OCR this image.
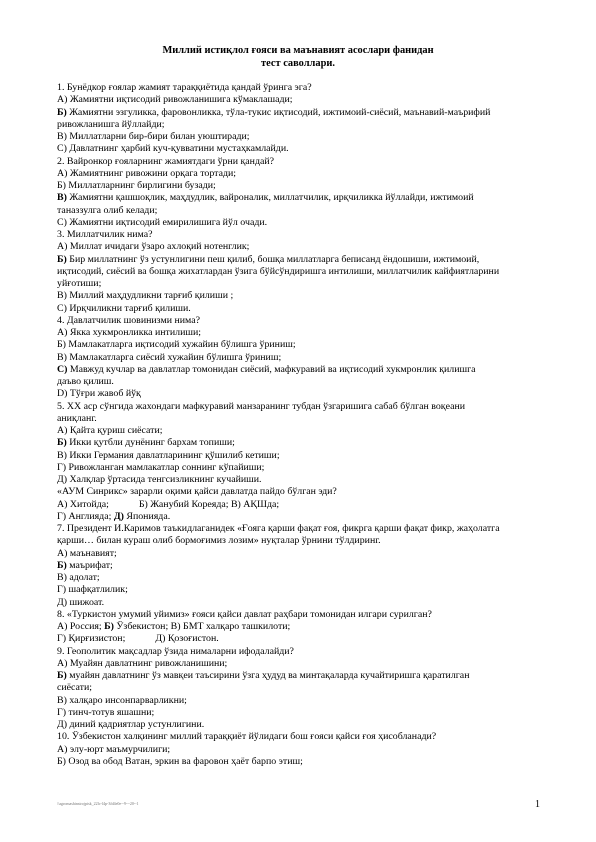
Миллий истиқлол ғояси ва маънавият асослари фанидан
тест саволлари.
1. Бунёдкор ғоялар жамият тараққиётида қандай ўринга эга?
А) Жамиятни иқтисодий ривожланишига кўмаклашади;
Б) Жамиятни эзгуликка, фаровонликка, тўла-тукис иқтисодий, ижтимоий-сиёсий, маънавий-маърифий
ривожланишга йўллайди;
В) Миллатларни бир-бири билан уюштиради;
С) Давлатнинг ҳарбий куч-қувватини мустаҳкамлайди.
2. Вайронкор ғояларнинг жамиятдаги ўрни қандай?
А) Жамиятнинг ривожини орқага тортади;
Б) Миллатларнинг бирлигини бузади;
В) Жамиятни қашшоқлик, маҳдудлик, вайроналик, миллатчилик, ирқчиликка йўллайди, ижтимоий
таназзулга олиб келади;
С) Жамиятни иқтисодий емирилишига йўл очади.
3. Миллатчилик нима?
А) Миллат ичидаги ўзаро ахлоқий нотенглик;
Б) Бир миллатнинг ўз устунлигини пеш қилиб, бошқа миллатларга беписанд ёндошиши, ижтимоий,
иқтисодий, сиёсий ва бошқа жихатлардан ўзига бўйсўндиришга интилиши, миллатчилик кайфиятларини
уйғотиши;
В) Миллий маҳдудликни тарғиб қилиши ;
С) Ирқчиликни тарғиб қилиши.
4. Давлатчилик шовинизми нима?
А) Якка хукмронликка интилиши;
Б) Мамлакатларга иқтисодий хужайин бўлишга ўриниш;
В) Мамлакатларга сиёсий хужайин бўлишга ўриниш;
С) Мавжуд кучлар ва давлатлар томонидан сиёсий, мафкуравий ва иқтисодий хукмронлик қилишга
даъво қилиш.
D) Тўғри жавоб йўқ
5. ХХ аср сўнгида жахондаги мафкуравий манзаранинг тубдан ўзгаришига сабаб бўлган воқеани
аниқланг.
А) Қайта қуриш сиёсати;
Б) Икки қутбли дунёнинг бархам топиши;
В) Икки Германия давлатларининг қўшилиб кетиши;
Г) Ривожланган мамлакатлар соннинг кўпайиши;
Д) Халқлар ўртасида тенгсизликнинг кучайиши.
«АУМ Синрикс» зарарли оқими қайси давлатда пайдо бўлган эди?
А) Хитойда;	Б) Жанубий Кореяда; В) АҚШда;
Г) Англияда; Д) Японияда.
7. Президент И.Каримов таъкидлаганидек «Ғояга қарши фақат ғоя, фикрга қарши фақат фикр, жаҳолатга
қарши… билан кураш олиб бормоғимиз лозим» нуқталар ўрнини тўлдиринг.
А) маънавият;
Б) маърифат;
В) адолат;
Г) шафқатлилик;
Д) шижоат.
8. «Туркистон умумий уйимиз» ғояси қайси давлат раҳбари томонидан илгари сурилган?
А) Россия; Б) Ўзбекистон; В) БМТ халқаро ташкилоти;
Г) Қирғизистон;	Д) Қозоғистон.
9. Геополитик мақсадлар ўзида нималарни ифодалайди?
А) Муайян давлатнинг ривожланишини;
Б) муайян давлатнинг ўз мавқеи таъсирини ўзга ҳудуд ва минтақаларда кучайтиришга қаратилган
сиёсати;
В) халқаро инсонпарварликни;
Г) тинч-тотув яшашни;
Д) диний қадриятлар устунлигини.
10. Ўзбекистон халқининг миллий тараққиёт йўлидаги бош ғояси қайси ғоя ҳисобланади?
А) элу-юрт маъмурчилиги;
Б) Озод ва обод Ватан, эркин ва фаровон ҳаёт барпо этиш;
\\agromashinstrojpisk_22lc-l4p-3fd4e0e--9---20--1	1
